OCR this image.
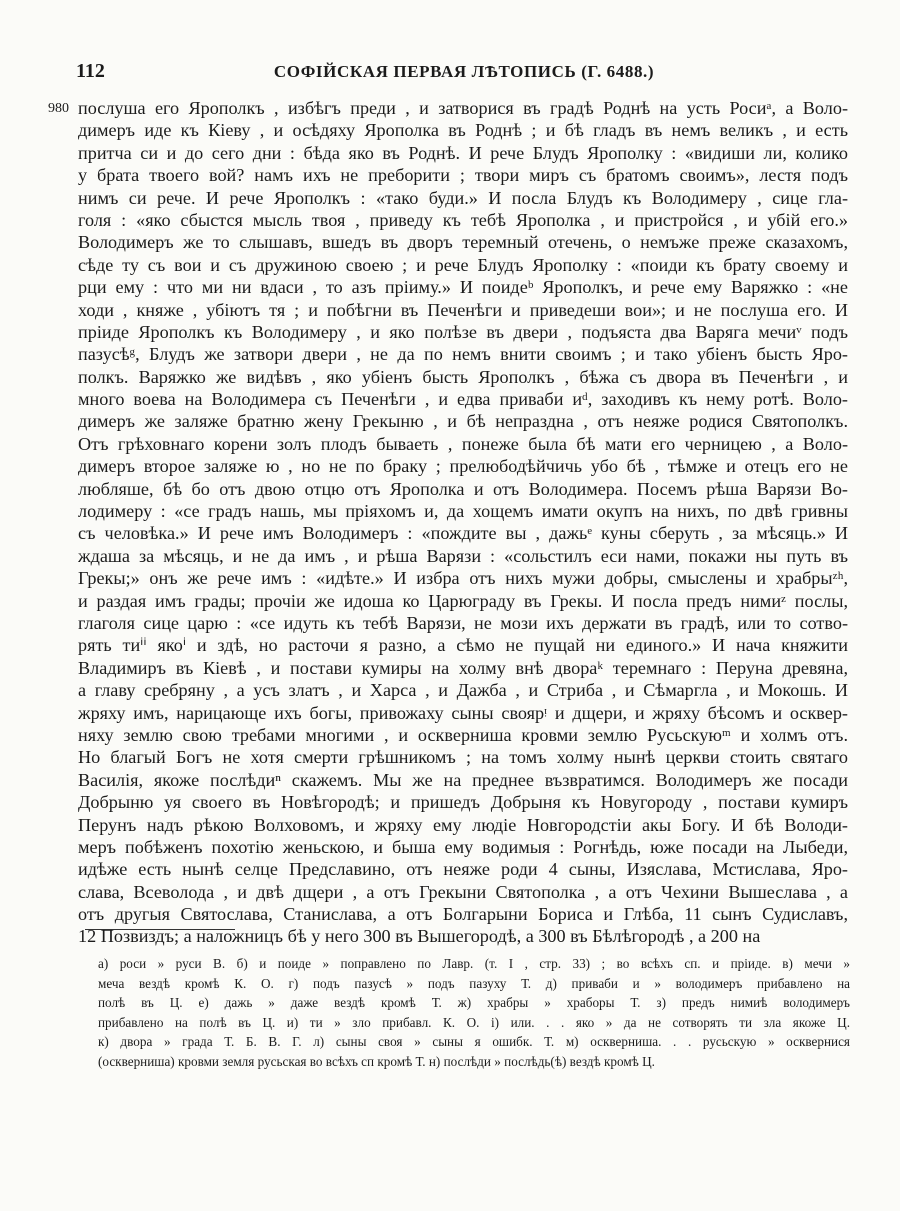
112	СОФІЙСКАЯ ПЕРВАЯ ЛѢТОПИСЬ (Г. 6488.)
980 послуша его Ярополкъ , избѣгъ преди , и затворися въ градѣ Роднѣ на усть Росиᵃ, а Воло-
димеръ иде къ Кіеву , и осѣдяху Ярополка въ Роднѣ ; и бѣ гладъ въ немъ великъ , и есть
притча си и до сего дни : бѣда яко въ Роднѣ. И рече Блудъ Ярополку : «видиши ли, колико
у брата твоего вой? намъ ихъ не преборити ; твори миръ съ братомъ своимъ», лестя подъ
нимъ си рече. И рече Ярополкъ : «тако буди.» И посла Блудъ къ Володимеру , сице гла-
голя : «яко сбыстся мысль твоя , приведу къ тебѣ Ярополка , и пристройся , и убій его.»
Володимеръ же то слышавъ, вшедъ въ дворъ теремный отечень, о немъже преже сказахомъ,
сѣде ту съ вои и съ дружиною своею ; и рече Блудъ Ярополку : «поиди къ брату своему и
рци ему : что ми ни вдаси , то азъ пріиму.» И поидеᵇ Ярополкъ, и рече ему Варяжко : «не
ходи , княже , убіютъ тя ; и побѣгни въ Печенѣги и приведеши вои»; и не послуша его. И
пріиде Ярополкъ къ Володимеру , и яко полѣзе въ двери , подъяста два Варяга мечиᵛ подъ
пазусѣᵍ, Блудъ же затвори двери , не да по немъ внити своимъ ; и тако убіенъ бысть Яро-
полкъ. Варяжко же видѣвъ , яко убіенъ бысть Ярополкъ , бѣжа съ двора въ Печенѣги , и
много воева на Володимера съ Печенѣги , и едва приваби иᵈ, заходивъ къ нему ротѣ. Воло-
димеръ же заляже братню жену Грекыню , и бѣ непраздна , отъ неяже родися Святополкъ.
Отъ грѣховнаго корени золъ плодъ бываеть , понеже была бѣ мати его черницею , а Воло-
димеръ второе заляже ю , но не по браку ; прелюбодѣйчичь убо бѣ , тѣмже и отецъ его не
любляше, бѣ бо отъ двою отцю отъ Ярополка и отъ Володимера. Посемъ рѣша Варязи Во-
лодимеру : «се градъ нашь, мы пріяхомъ и, да хощемъ имати окупъ на нихъ, по двѣ гривны
съ человѣка.» И рече имъ Володимеръ : «пождите вы , дажьᵉ куны сберуть , за мѣсяць.» И
ждаша за мѣсяць, и не да имъ , и рѣша Варязи : «сольстилъ еси нами, покажи ны путь въ
Грекы;» онъ же рече имъ : «идѣте.» И избра отъ нихъ мужи добры, смыслены и храбрыᶻʰ,
и раздая имъ грады; прочіи же идоша ко Царюграду въ Грекы. И посла предъ нимиᶻ послы,
глаголя сице царю : «се идуть къ тебѣ Варязи, не мози ихъ держати въ градѣ, или то сотво-
рять тиⁱⁱ якоⁱ и здѣ, но расточи я разно, а сѣмо не пущай ни единого.» И нача княжити
Владимиръ въ Кіевѣ , и постави кумиры на холму внѣ двораᵏ теремнаго : Перуна древяна,
а главу сребряну , а усъ златъ , и Харса , и Дажба , и Стриба , и Сѣмаргла , и Мокошь. И
жряху имъ, нарицающе ихъ богы, привожаху сыны своярᵎ и дщери, и жряху бѣсомъ и осквер-
няху землю свою требами многими , и оскверниша кровми землю Русьскуюᵐ и холмъ отъ.
Но благый Богъ не хотя смерти грѣшникомъ ; на томъ холму нынѣ церкви стоить святаго
Василія, якоже послѣдиⁿ скажемъ. Мы же на преднее възвратимся. Володимеръ же посади
Добрыню уя своего въ Новѣгородѣ; и пришедъ Добрыня къ Новугороду , постави кумиръ
Перунъ надъ рѣкою Волховомъ, и жряху ему людіе Новгородстіи акы Богу. И бѣ Володи-
меръ побѣженъ похотію женьскою, и быша ему водимыя : Рогнѣдь, юже посади на Лыбеди,
идѣже есть нынѣ селце Предславино, отъ неяже роди 4 сыны, Изяслава, Мстислава, Яро-
слава, Всеволода , и двѣ дщери , а отъ Грекыни Святополка , а отъ Чехини Вышеслава , а
отъ другыя Святослава, Станислава, а отъ Болгарыни Бориса и Глѣба, 11 сынъ Судиславъ,
12 Позвиздъ; а наложницъ бѣ у него 300 въ Вышегородѣ, а 300 въ Бѣлѣгородѣ , а 200 на
а) роси » руси В. б) и поиде » поправлено по Лавр. (т. I , стр. 33) ; во всѣхъ сп. и пріиде. в) мечи »
меча вездѣ кромѣ К. О. г) подъ пазусѣ » подъ пазуху Т. д) приваби и » володимеръ прибавлено на
полѣ въ Ц. е) дажь » даже вездѣ кромѣ Т. ж) храбры » храборы Т. з) предъ нимиѣ володимеръ
прибавлено на полѣ въ Ц. и) ти » зло прибавл. К. О. і) или. . . яко » да не сотворять ти зла якоже Ц.
к) двора » града Т. Б. В. Г. л) сыны своя » сыны я ошибк. Т. м) оскверниша. . . русьскую » осквернися
(оскверниша) кровми земля русьская во всѣхъ сп кромѣ Т. н) послѣди » послѣдь(ѣ) вездѣ кромѣ Ц.
